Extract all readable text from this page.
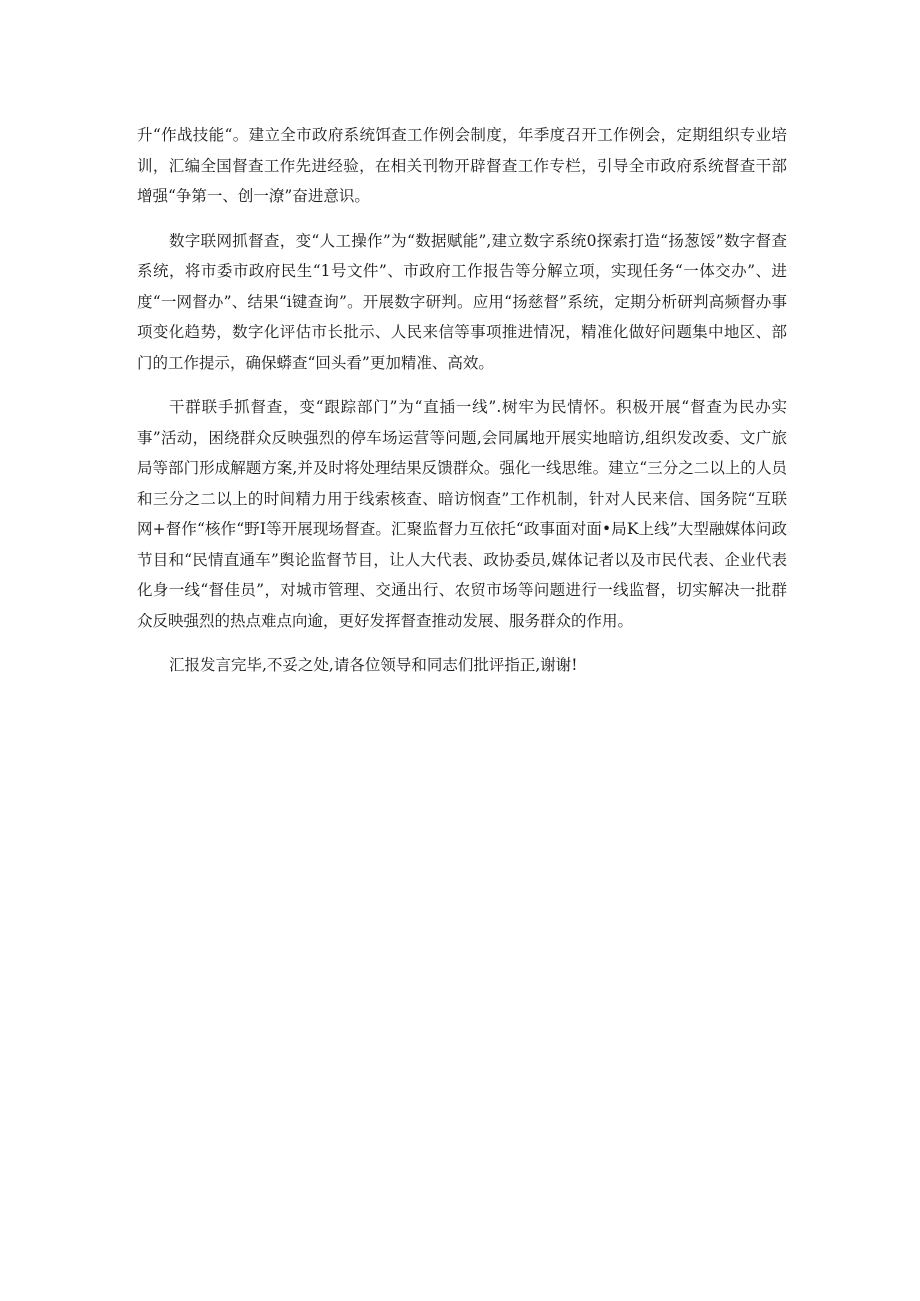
升“作战技能“。建立全市政府系统饵查工作例会制度，年季度召开工作例会，定期组织专业培训，汇编全国督查工作先进经验，在相关刊物开辟督查工作专栏，引导全市政府系统督查干部增强“争第一、创一潦”奋进意识。

数字联网抓督查，变“人工操作”为“数据赋能”,建立数字系统0探索打造“扬葱馁”数字督查系统，将市委市政府民生“1号文件”、市政府工作报告等分解立项，实现任务“一体交办”、进度“一网督办”、结果“i键查询”。开展数字研判。应用“扬慈督”系统，定期分析研判高频督办事项变化趋势，数字化评估市长批示、人民来信等事项推进情况，精准化做好问题集中地区、部门的工作提示，确保蟒查“回头看”更加精准、高效。

干群联手抓督查，变“跟踪部门”为“直插一线”.树牢为民情怀。积极开展“督查为民办实事”活动，困绕群众反映强烈的停车场运营等问题,会同属地开展实地暗访,组织发改委、文广旅局等部门形成解题方案,并及时将处理结果反馈群众。强化一线思维。建立“三分之二以上的人员和三分之二以上的时间精力用于线索核查、暗访悯查”工作机制，针对人民来信、国务院“互联网+督作“核作“野I等开展现场督查。汇聚监督力互依托“政事面对面•局K上线”大型融媒体问政节目和“民情直通车”舆论监督节目，让人大代表、政协委员,媒体记者以及市民代表、企业代表化身一线“督佳员”，对城市管理、交通出行、农贸市场等问题进行一线监督，切实解决一批群众反映强烈的热点难点向逾，更好发挥督查推动发展、服务群众的作用。

汇报发言完毕,不妥之处,请各位领导和同志们批评指正,谢谢!
